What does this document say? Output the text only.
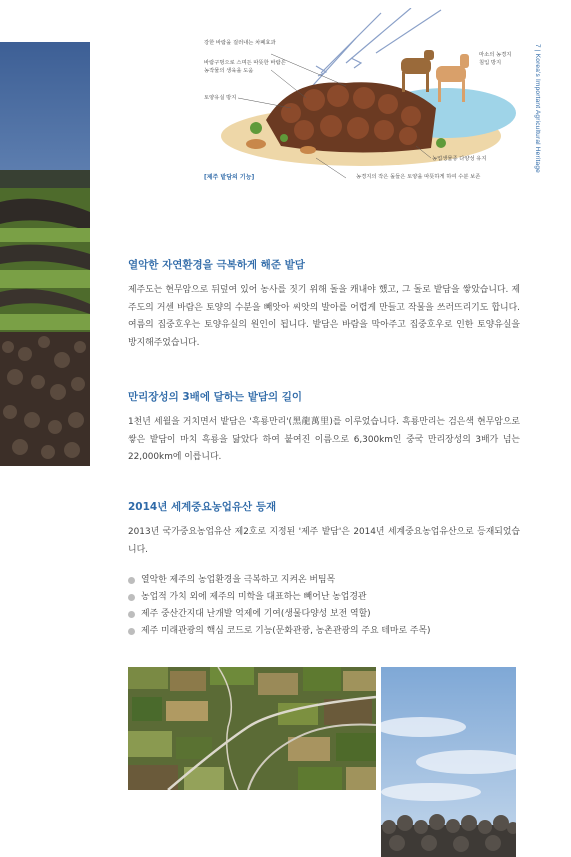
7 | Korea's Important Agricultural Heritage
강한 바람을 걸러내는 차폐효과
바람구멍으로 스며든 따뜻한 바람은
농작물의 생육을 도움
토양유실 방지
마소의 농경지
침입 방지
농업생물종 다양성 유지
농경지의 작은 돌들은 토양을 따뜻하게 하여 수분 보존
[제주 밭담의 기능]
열악한 자연환경을 극복하게 해준 밭담

제주도는 현무암으로 뒤덮여 있어 농사를 짓기 위해 돌을 캐내야 했고, 그 돌로 밭담을 쌓았습니다. 제주도의 거센 바람은 토양의 수분을 빼앗아 씨앗의 발아를 어렵게 만들고 작물을 쓰러뜨리기도 합니다. 여름의 집중호우는 토양유실의 원인이 됩니다. 밭담은 바람을 막아주고 집중호우로 인한 토양유실을 방지해주었습니다.

만리장성의 3배에 달하는 밭담의 길이

1천년 세월을 거치면서 밭담은 '흑룡만리'(黑龍萬里)를 이루었습니다. 흑룡만리는 검은색 현무암으로 쌓은 밭담이 마치 흑룡을 닮았다 하여 붙여진 이름으로 6,300km인 중국 만리장성의 3배가 넘는 22,000km에 이릅니다.

2014년 세계중요농업유산 등재

2013년 국가중요농업유산 제2호로 지정된 '제주 밭담'은 2014년 세계중요농업유산으로 등재되었습니다.

열악한 제주의 농업환경을 극복하고 지켜온 버팀목
농업적 가치 외에 제주의 미학을 대표하는 빼어난 농업경관
제주 중산간지대 난개발 억제에 기여(생물다양성 보전 역할)
제주 미래관광의 핵심 코드로 기능(문화관광, 농촌관광의 주요 테마로 주목)
